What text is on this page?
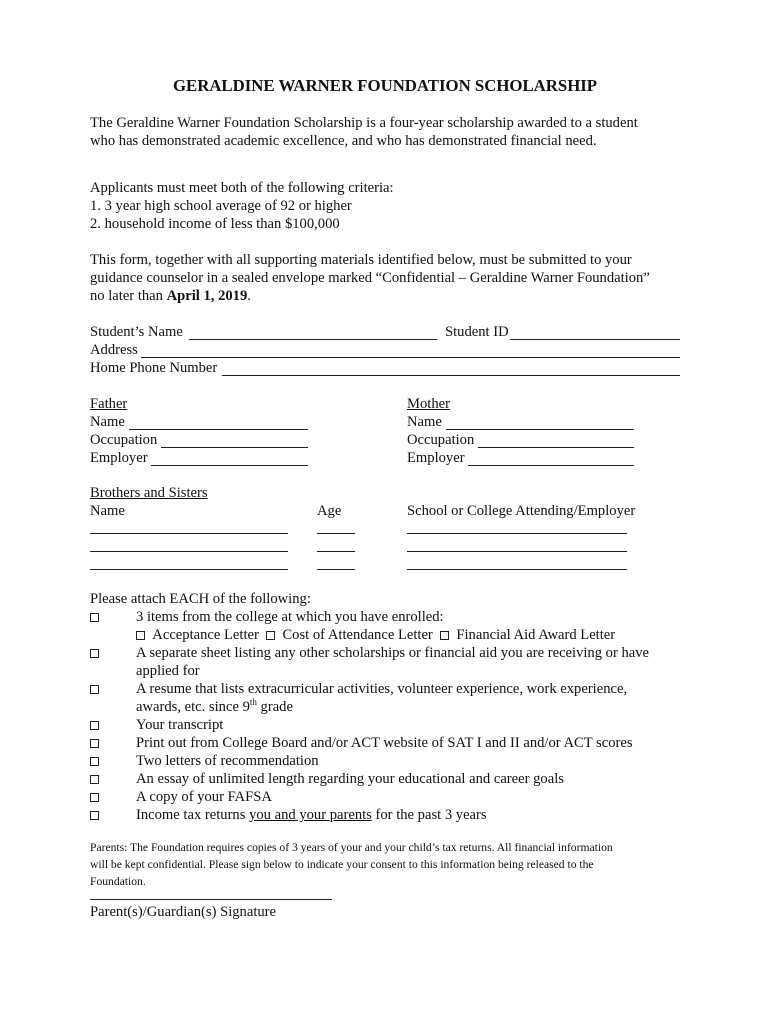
GERALDINE WARNER FOUNDATION SCHOLARSHIP
The Geraldine Warner Foundation Scholarship is a four-year scholarship awarded to a student
who has demonstrated academic excellence, and who has demonstrated financial need.
Applicants must meet both of the following criteria:
1. 3 year high school average of 92 or higher
2. household income of less than $100,000
This form, together with all supporting materials identified below, must be submitted to your
guidance counselor in a sealed envelope marked “Confidential – Geraldine Warner Foundation”
no later than April 1, 2019.
Student’s Name	Student ID
Address
Home Phone Number
Father
Name
Occupation
Employer
Mother
Name
Occupation
Employer
Brothers and Sisters
Name	Age	School or College Attending/Employer
Please attach EACH of the following:
3 items from the college at which you have enrolled:
Acceptance Letter Cost of Attendance Letter Financial Aid Award Letter
A separate sheet listing any other scholarships or financial aid you are receiving or have
applied for
A resume that lists extracurricular activities, volunteer experience, work experience,
awards, etc. since 9th grade
Your transcript
Print out from College Board and/or ACT website of SAT I and II and/or ACT scores
Two letters of recommendation
An essay of unlimited length regarding your educational and career goals
A copy of your FAFSA
Income tax returns you and your parents for the past 3 years
Parents: The Foundation requires copies of 3 years of your and your child’s tax returns. All financial information
will be kept confidential. Please sign below to indicate your consent to this information being released to the
Foundation.
Parent(s)/Guardian(s) Signature
